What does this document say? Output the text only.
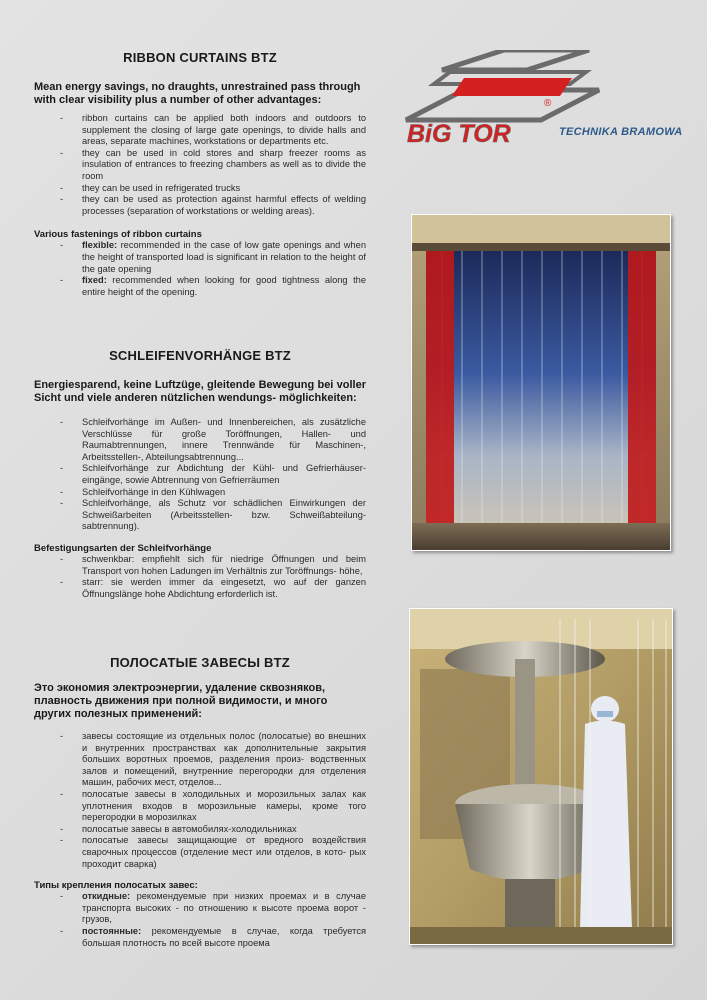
RIBBON CURTAINS BTZ

Mean energy savings, no draughts, unrestrained pass through with clear visibility plus a number of other advantages:

- ribbon curtains can be applied both indoors and outdoors to supplement the closing of large gate openings, to divide halls and areas, separate machines, workstations or departments etc.
- they can be used in cold stores and sharp freezer rooms as insulation of entrances to freezing chambers as well as to divide the room
- they can be used in refrigerated trucks
- they can be used as protection against harmful effects of welding processes (separation of workstations or welding areas).

Various fastenings of ribbon curtains

- flexible: recommended in the case of low gate openings and when the height of transported load is significant in relation to the height of the gate opening
- fixed: recommended when looking for good tightness along the entire height of the opening.
SCHLEIFENVORHÄNGE BTZ

Energiesparend, keine Luftzüge, gleitende Bewegung bei voller Sicht und viele anderen nützlichen wendungs- möglichkeiten:

- Schleifvorhänge im Außen- und Innenbereichen, als zusätzliche Verschlüsse für große Toröffnungen, Hallen- und Raumabtrennungen, innere Trennwände für Maschinen-, Arbeitsstellen-, Abteilungsabtrennung...
- Schleifvorhänge zur Abdichtung der Kühl- und Gefrierhäuser- eingänge, sowie Abtrennung von Gefrierräumen
- Schleifvorhänge in den Kühlwagen
- Schleifvorhänge, als Schutz vor schädlichen Einwirkungen der Schweißarbeiten (Arbeitsstellen- bzw. Schweißabteilung- sabtrennung).

Befestigungsarten der Schleifvorhänge

- schwenkbar: empfiehlt sich für niedrige Öffnungen und beim Transport von hohen Ladungen im Verhältnis zur Toröffnungs- höhe,
- starr: sie werden immer da eingesetzt, wo auf der ganzen Öffnungslänge hohe Abdichtung erforderlich ist.
ПОЛОСАТЫЕ ЗАВЕСЫ BTZ

Это экономия электроэнергии, удаление сквозняков, плавность движения при полной видимости, и много других полезных применений:

- завесы состоящие из отдельных полос (полосатые) во внешних и внутренних пространствах как дополнительные закрытия больших воротных проемов, разделения произ- водственных залов и помещений, внутренние перегородки для отделения машин, рабочих мест, отделов...
- полосатые завесы в холодильных и морозильных залах как уплотнения входов в морозильные камеры, кроме того перегородки в морозилках
- полосатые завесы в автомобилях-холодильниках
- полосатые завесы защищающие от вредного воздействия сварочных процессов (отделение мест или отделов, в кото- рых проходит сварка)

Типы крепления полосатых завес:

- откидные: рекомендуемые при низких проемах и в случае транспорта высоких - по отношению к высоте проема ворот - грузов,
- постоянные: рекомендуемые в случае, когда требуется большая плотность по всей высоте проема
BiG TOR
®
TECHNIKA BRAMOWA
